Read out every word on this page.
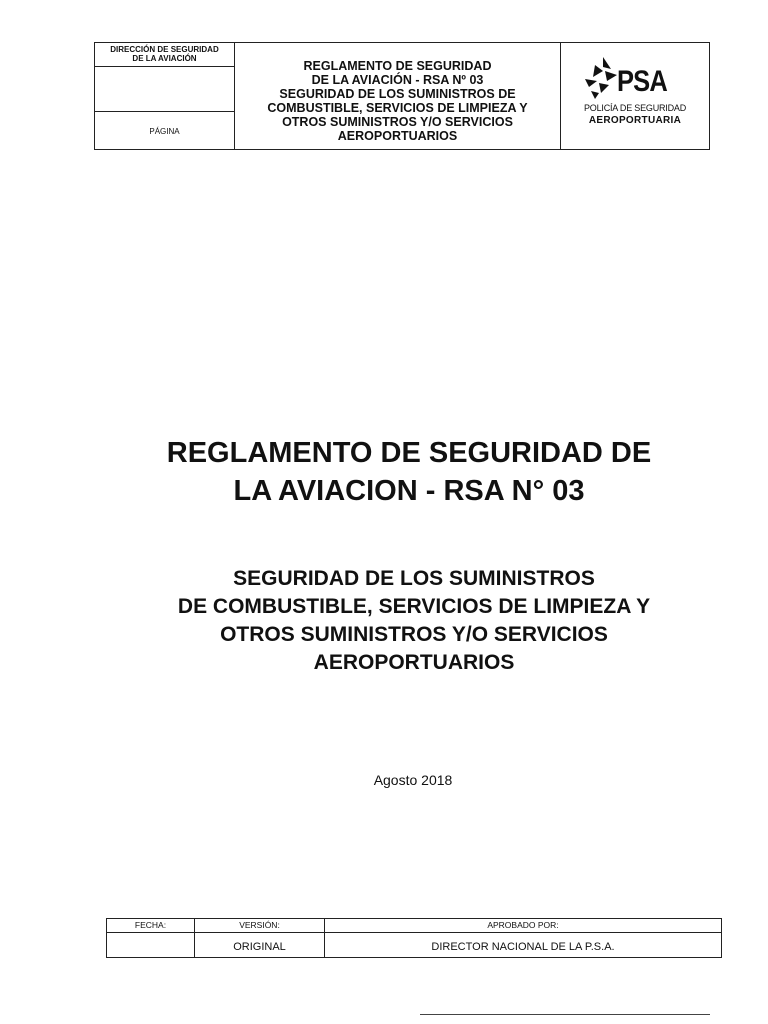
DIRECCIÓN DE SEGURIDAD
DE LA AVIACIÓN
PÁGINA
REGLAMENTO DE SEGURIDAD
DE LA AVIACIÓN - RSA Nº 03
SEGURIDAD DE LOS SUMINISTROS DE
COMBUSTIBLE, SERVICIOS DE LIMPIEZA Y
OTROS SUMINISTROS Y/O SERVICIOS
AEROPORTUARIOS
PSA
POLICÍA DE SEGURIDAD
AEROPORTUARIA
REGLAMENTO DE SEGURIDAD DE
LA AVIACION - RSA N° 03
SEGURIDAD DE LOS SUMINISTROS
DE COMBUSTIBLE, SERVICIOS DE LIMPIEZA Y
OTROS SUMINISTROS Y/O SERVICIOS
AEROPORTUARIOS
Agosto 2018
FECHA:	VERSIÓN:
ORIGINAL
APROBADO POR:
DIRECTOR NACIONAL DE LA P.S.A.
